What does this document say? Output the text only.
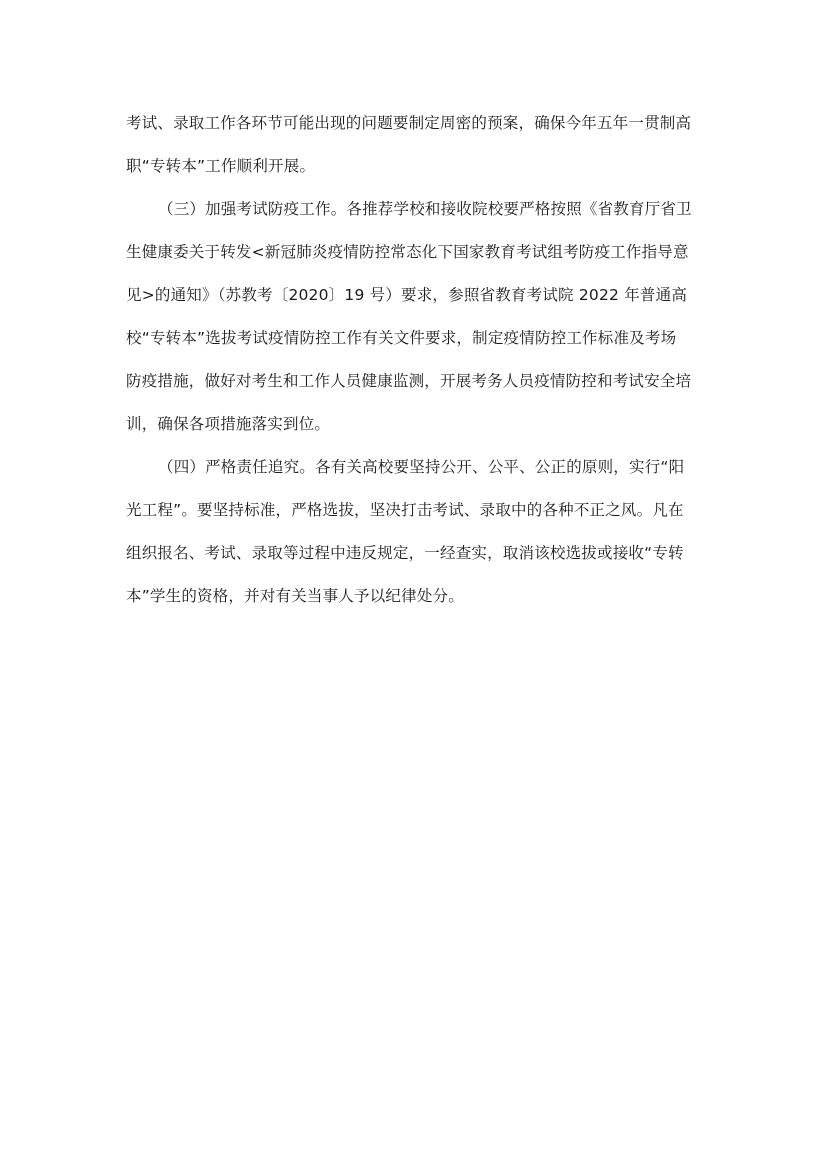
考试、录取工作各环节可能出现的问题要制定周密的预案，确保今年五年一贯制高
职“专转本”工作顺利开展。
（三）加强考试防疫工作。各推荐学校和接收院校要严格按照《省教育厅省卫
生健康委关于转发<新冠肺炎疫情防控常态化下国家教育考试组考防疫工作指导意
见>的通知》（苏教考〔2020〕19 号）要求，参照省教育考试院 2022 年普通高
校“专转本”选拔考试疫情防控工作有关文件要求，制定疫情防控工作标准及考场
防疫措施，做好对考生和工作人员健康监测，开展考务人员疫情防控和考试安全培
训，确保各项措施落实到位。
（四）严格责任追究。各有关高校要坚持公开、公平、公正的原则，实行“阳
光工程”。要坚持标准，严格选拔，坚决打击考试、录取中的各种不正之风。凡在
组织报名、考试、录取等过程中违反规定，一经查实，取消该校选拔或接收“专转
本”学生的资格，并对有关当事人予以纪律处分。
